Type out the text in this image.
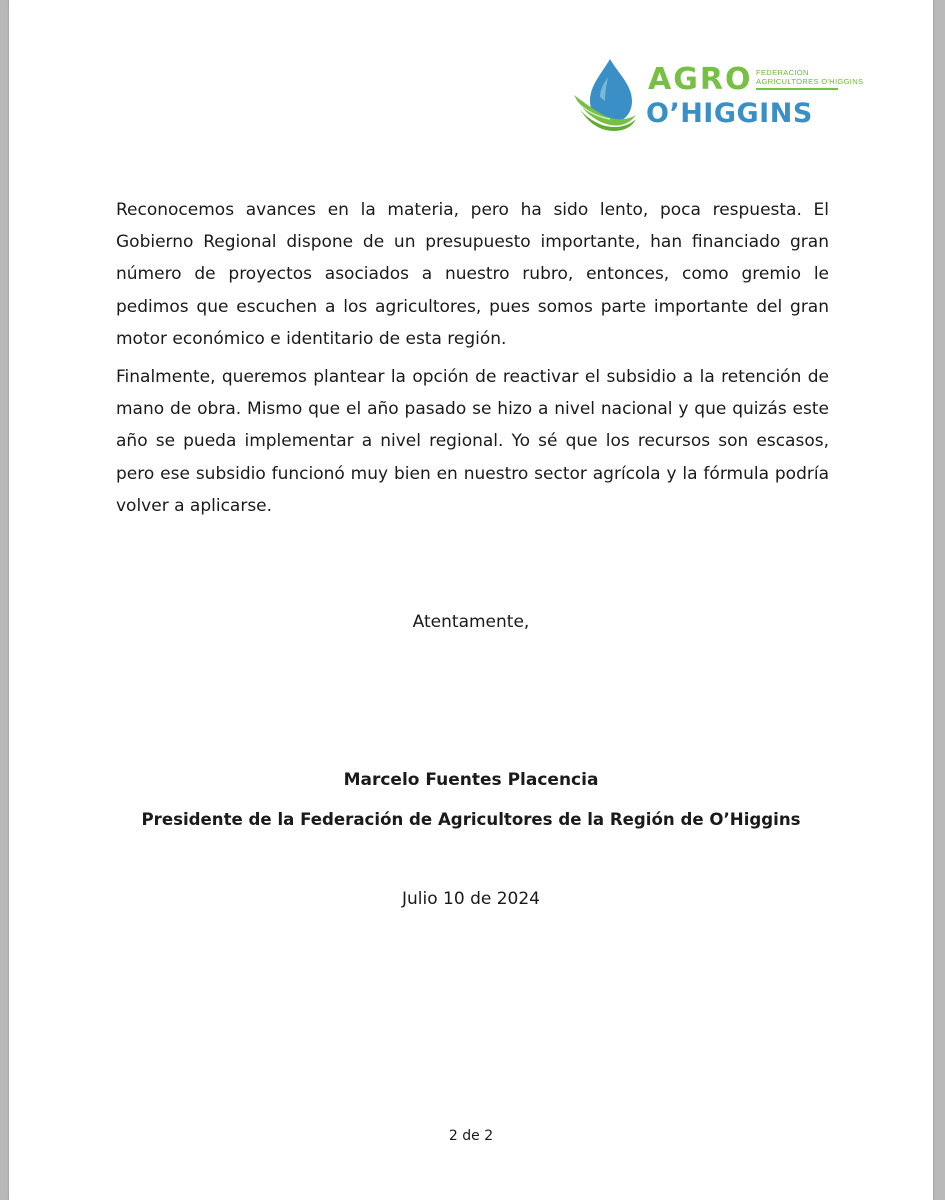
AGRO FEDERACIÓN
AGRICULTORES O'HIGGINS
O’HIGGINS

Reconocemos avances en la materia, pero ha sido lento, poca respuesta. El Gobierno Regional dispone de un presupuesto importante, han financiado gran número de proyectos asociados a nuestro rubro, entonces, como gremio le pedimos que escuchen a los agricultores, pues somos parte importante del gran motor económico e identitario de esta región.

Finalmente, queremos plantear la opción de reactivar el subsidio a la retención de mano de obra. Mismo que el año pasado se hizo a nivel nacional y que quizás este año se pueda implementar a nivel regional. Yo sé que los recursos son escasos, pero ese subsidio funcionó muy bien en nuestro sector agrícola y la fórmula podría volver a aplicarse.

Atentamente,
Marcelo Fuentes Placencia
Presidente de la Federación de Agricultores de la Región de O’Higgins
Julio 10 de 2024
2 de 2
